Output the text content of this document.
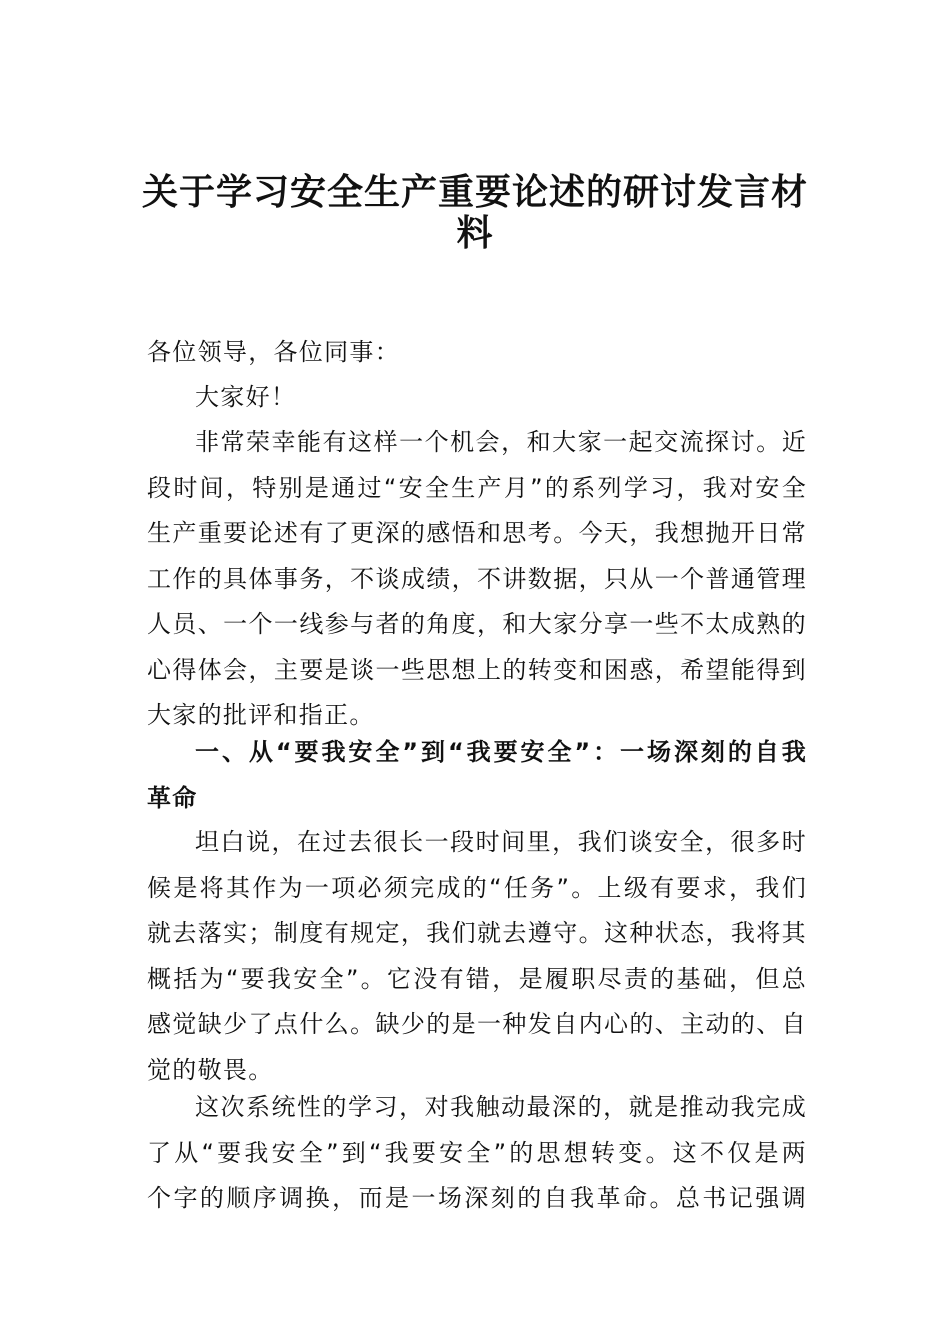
关于学习安全生产重要论述的研讨发言材
料
各位领导，各位同事：
大家好！
非常荣幸能有这样一个机会，和大家一起交流探讨。近
段时间，特别是通过“安全生产月”的系列学习，我对安全
生产重要论述有了更深的感悟和思考。今天，我想抛开日常
工作的具体事务，不谈成绩，不讲数据，只从一个普通管理
人员、一个一线参与者的角度，和大家分享一些不太成熟的
心得体会，主要是谈一些思想上的转变和困惑，希望能得到
大家的批评和指正。
一、从“要我安全”到“我要安全”：一场深刻的自我
革命
坦白说，在过去很长一段时间里，我们谈安全，很多时
候是将其作为一项必须完成的“任务”。上级有要求，我们
就去落实；制度有规定，我们就去遵守。这种状态，我将其
概括为“要我安全”。它没有错，是履职尽责的基础，但总
感觉缺少了点什么。缺少的是一种发自内心的、主动的、自
觉的敬畏。
这次系统性的学习，对我触动最深的，就是推动我完成
了从“要我安全”到“我要安全”的思想转变。这不仅是两
个字的顺序调换，而是一场深刻的自我革命。总书记强调
